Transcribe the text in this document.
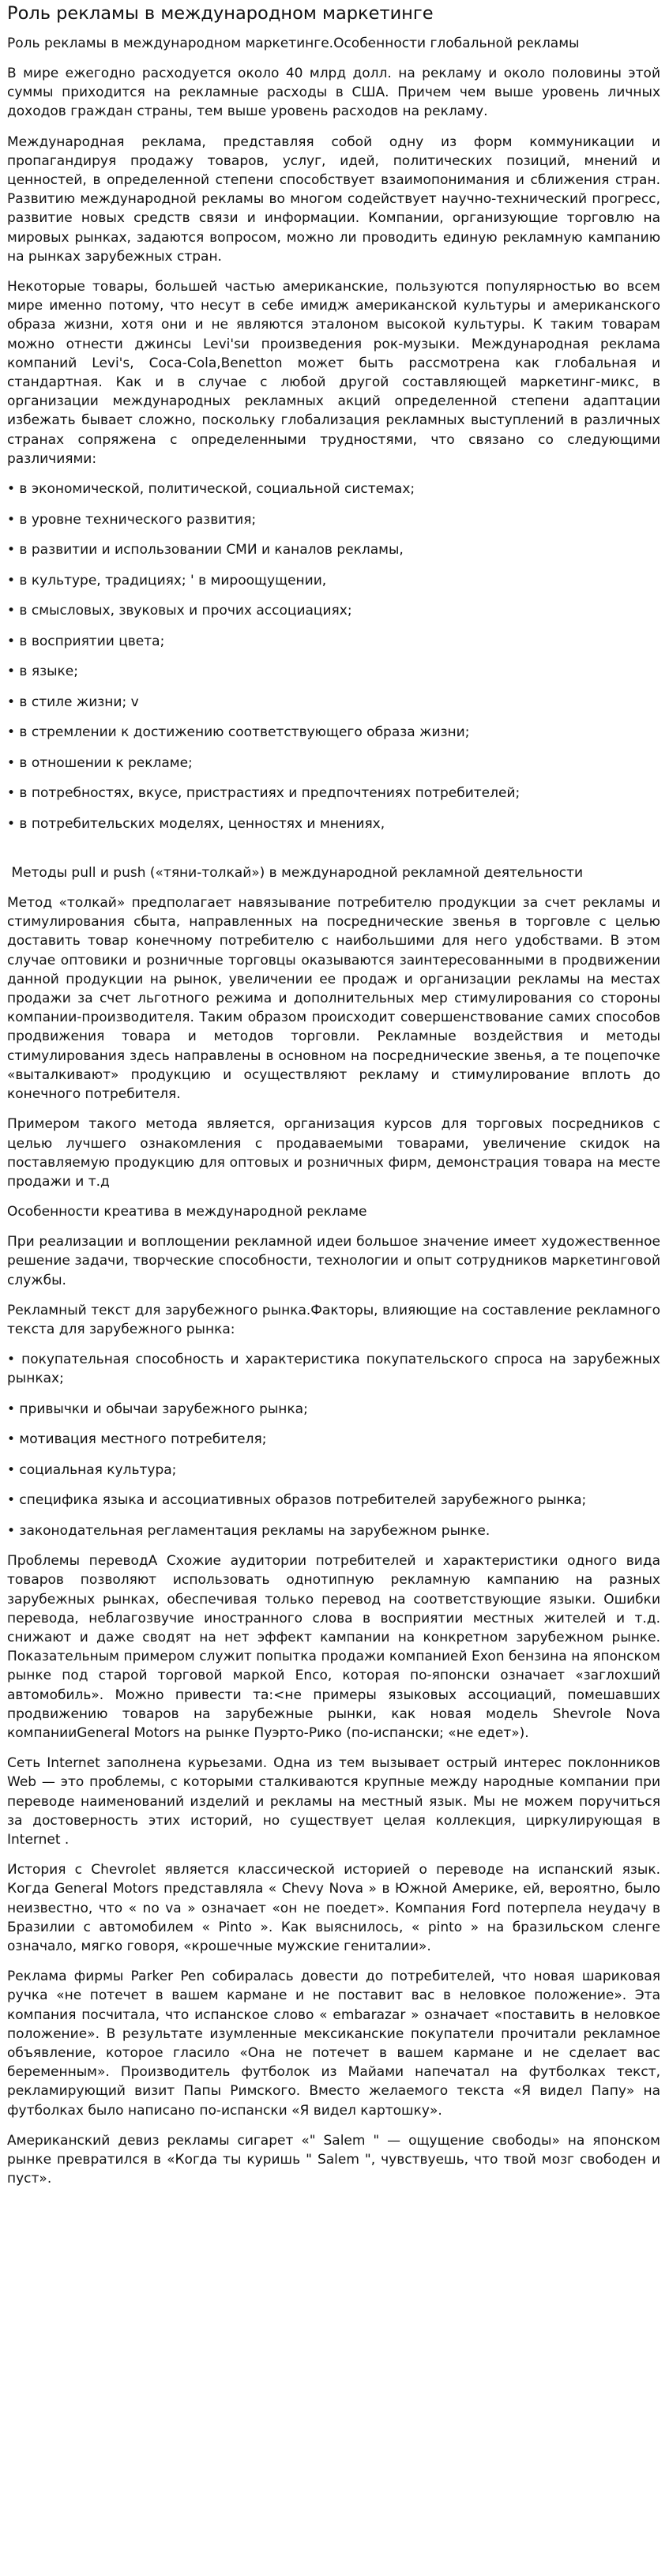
Роль рекламы в международном маркетинге
Роль рекламы в международном маркетинге.Особенности глобальной рекламы
В мире ежегодно расходуется около 40 млрд долл. на рекламу и около половины этой суммы приходится на рекламные расходы в США. Причем чем выше уровень личных доходов граждан страны, тем выше уровень расходов на рекламу.
Международная реклама, представляя собой одну из форм коммуникации и пропагандируя продажу товаров, услуг, идей, политических позиций, мнений и ценностей, в определенной степени способствует взаимопонимания и сближения стран. Развитию международной рекламы во многом содействует научно-технический прогресс, развитие новых средств связи и информации. Компании, организующие торговлю на мировых рынках, задаются вопросом, можно ли проводить единую рекламную кампанию на рынках зарубежных стран.
Некоторые товары, большей частью американские, пользуются популярностью во всем мире именно потому, что несут в себе имидж американской культуры и американского образа жизни, хотя они и не являются эталоном высокой культуры. К таким товарам можно отнести джинсы Levi'sи произведения рок-музыки. Международная реклама компаний Levi's, Coca-Cola,Benetton может быть рассмотрена как глобальная и стандартная. Как и в случае с любой другой составляющей маркетинг-микс, в организации международных рекламных акций определенной степени адаптации избежать бывает сложно, поскольку глобализация рекламных выступлений в различных странах сопряжена с определенными трудностями, что связано со следующими различиями:
• в экономической, политической, социальной системах;
• в уровне технического развития;
• в развитии и использовании СМИ и каналов рекламы,
• в культуре, традициях; ' в мироощущении,
• в смысловых, звуковых и прочих ассоциациях;
• в восприятии цвета;
• в языке;
• в стиле жизни; v
• в стремлении к достижению соответствующего образа жизни;
• в отношении к рекламе;
• в потребностях, вкусе, пристрастиях и предпочтениях потребителей;
• в потребительских моделях, ценностях и мнениях,
Методы pull и push («тяни-толкай») в международной рекламной деятельности
Метод «толкай» предполагает навязывание потребителю продукции за счет рекламы и стимулирования сбыта, направленных на посреднические звенья в торговле с целью доставить товар конечному потребителю с наибольшими для него удобствами. В этом случае оптовики и розничные торговцы оказываются заинтересованными в продвижении данной продукции на рынок, увеличении ее продаж и организации рекламы на местах продажи за счет льготного режима и дополнительных мер стимулирования со стороны компании-производителя. Таким образом происходит совершенствование самих способов продвижения товара и методов торговли. Рекламные воздействия и методы стимулирования здесь направлены в основном на посреднические звенья, а те поцепочке «выталкивают» продукцию и осуществляют рекламу и стимулирование вплоть до конечного потребителя.
Примером такого метода является, организация курсов для торговых посредников с целью лучшего ознакомления с продаваемыми товарами, увеличение скидок на поставляемую продукцию для оптовых и розничных фирм, демонстрация товара на месте продажи и т.д
Особенности креатива в международной рекламе
При реализации и воплощении рекламной идеи большое значение имеет художественное решение задачи, творческие способности, технологии и опыт сотрудников маркетинговой службы.
Рекламный текст для зарубежного рынка.Факторы, влияющие на составление рекламного текста для зарубежного рынка:
• покупательная способность и характеристика покупательского спроса на зарубежных рынках;
• привычки и обычаи зарубежного рынка;
• мотивация местного потребителя;
• социальная культура;
• специфика языка и ассоциативных образов потребителей зарубежного рынка;
• законодательная регламентация рекламы на зарубежном рынке.
Проблемы переводА Схожие аудитории потребителей и характеристики одного вида товаров позволяют использовать однотипную рекламную кампанию на разных зарубежных рынках, обеспечивая только перевод на соответствующие языки. Ошибки перевода, неблагозвучие иностранного слова в восприятии местных жителей и т.д. снижают и даже сводят на нет эффект кампании на конкретном зарубежном рынке. Показательным примером служит попытка продажи компанией Exon бензина на японском рынке под старой торговой маркой Enco, которая по-японски означает «заглохший автомобиль». Можно привести та:<не примеры языковых ассоциаций, помешавших продвижению товаров на зарубежные рынки, как новая модель Shevrole Nova компанииGeneral Motors на рынке Пуэрто-Рико (по-испански; «не едет»).
Сеть Internet заполнена курьезами. Одна из тем вызывает острый интерес поклонников Web — это проблемы, с которыми сталкиваются крупные между народные компании при переводе наименований изделий и рекламы на местный язык. Мы не можем поручиться за достоверность этих историй, но существует целая коллекция, циркулирующая в Internet .
История с Chevrolet является классической историей о переводе на испанский язык. Когда General Motors представляла « Chevy Nova » в Южной Америке, ей, вероятно, было неизвестно, что « no va » означает «он не поедет». Компания Ford потерпела неудачу в Бразилии с автомобилем « Pinto ». Как выяснилось, « pinto » на бразильском сленге означало, мягко говоря, «крошечные мужские гениталии».
Реклама фирмы Parker Pen собиралась довести до потребителей, что новая шариковая ручка «не потечет в вашем кармане и не поставит вас в неловкое положение». Эта компания посчитала, что испанское слово « embarazar » означает «поставить в неловкое положение». В результате изумленные мексиканские покупатели прочитали рекламное объявление, которое гласило «Она не потечет в вашем кармане и не сделает вас беременным». Производитель футболок из Майами напечатал на футболках текст, рекламирующий визит Папы Римского. Вместо желаемого текста «Я видел Папу» на футболках было написано по-испански «Я видел картошку».
Американский девиз рекламы сигарет «" Salem " — ощущение свободы» на японском рынке превратился в «Когда ты куришь " Salem ", чувствуешь, что твой мозг свободен и пуст».
